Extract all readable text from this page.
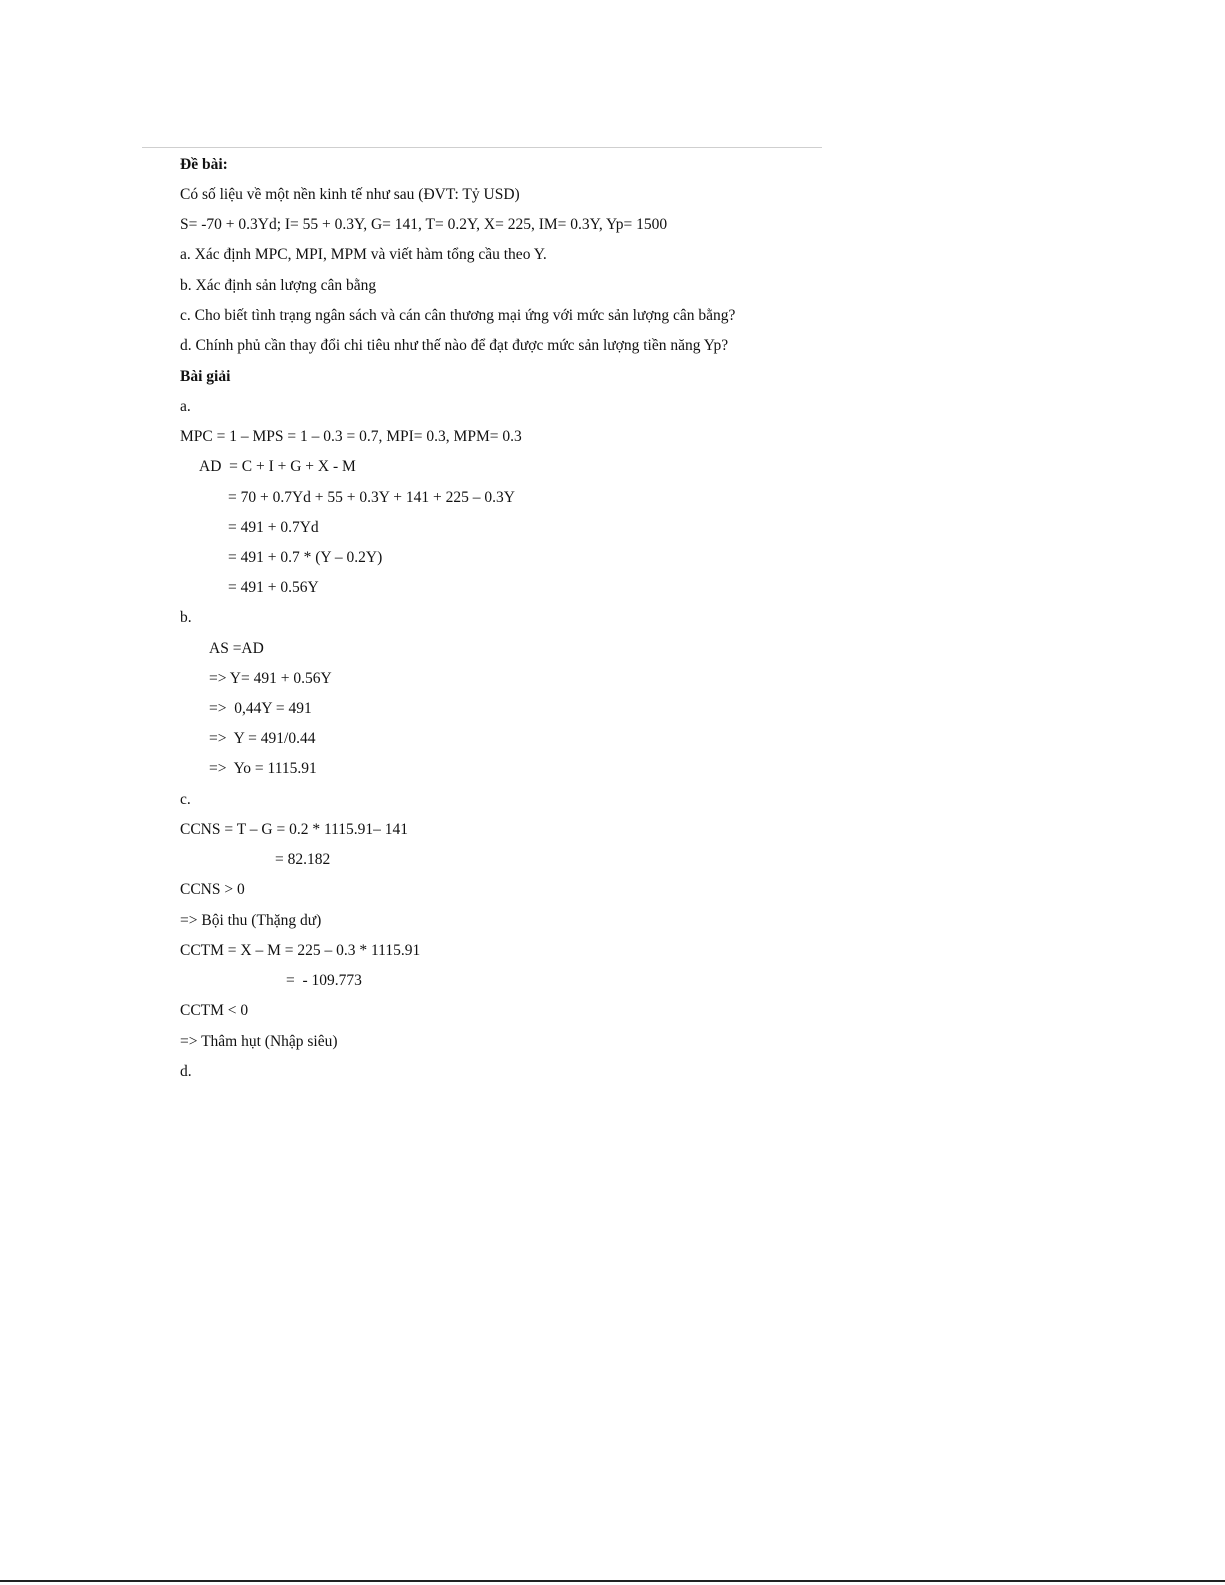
Đề bài:
Có số liệu về một nền kinh tế như sau (ĐVT: Tỷ USD)
S= -70 + 0.3Yd; I= 55 + 0.3Y, G= 141, T= 0.2Y, X= 225, IM= 0.3Y, Yp= 1500
a. Xác định MPC, MPI, MPM và viết hàm tổng cầu theo Y.
b. Xác định sản lượng cân bằng
c. Cho biết tình trạng ngân sách và cán cân thương mại ứng với mức sản lượng cân bằng?
d. Chính phủ cần thay đổi chi tiêu như thế nào để đạt được mức sản lượng tiền năng Yp?
Bài giải
a.
MPC = 1 – MPS = 1 – 0.3 = 0.7, MPI= 0.3, MPM= 0.3
AD  = C + I + G + X - M
= 70 + 0.7Yd + 55 + 0.3Y + 141 + 225 – 0.3Y
= 491 + 0.7Yd
= 491 + 0.7 * (Y – 0.2Y)
= 491 + 0.56Y
b.
AS =AD
=> Y= 491 + 0.56Y
=>  0,44Y = 491
=>  Y = 491/0.44
=>  Yo = 1115.91
c.
CCNS = T – G = 0.2 * 1115.91– 141
= 82.182
CCNS > 0
=> Bội thu (Thặng dư)
CCTM = X – M = 225 – 0.3 * 1115.91
=  - 109.773
CCTM < 0
=> Thâm hụt (Nhập siêu)
d.
